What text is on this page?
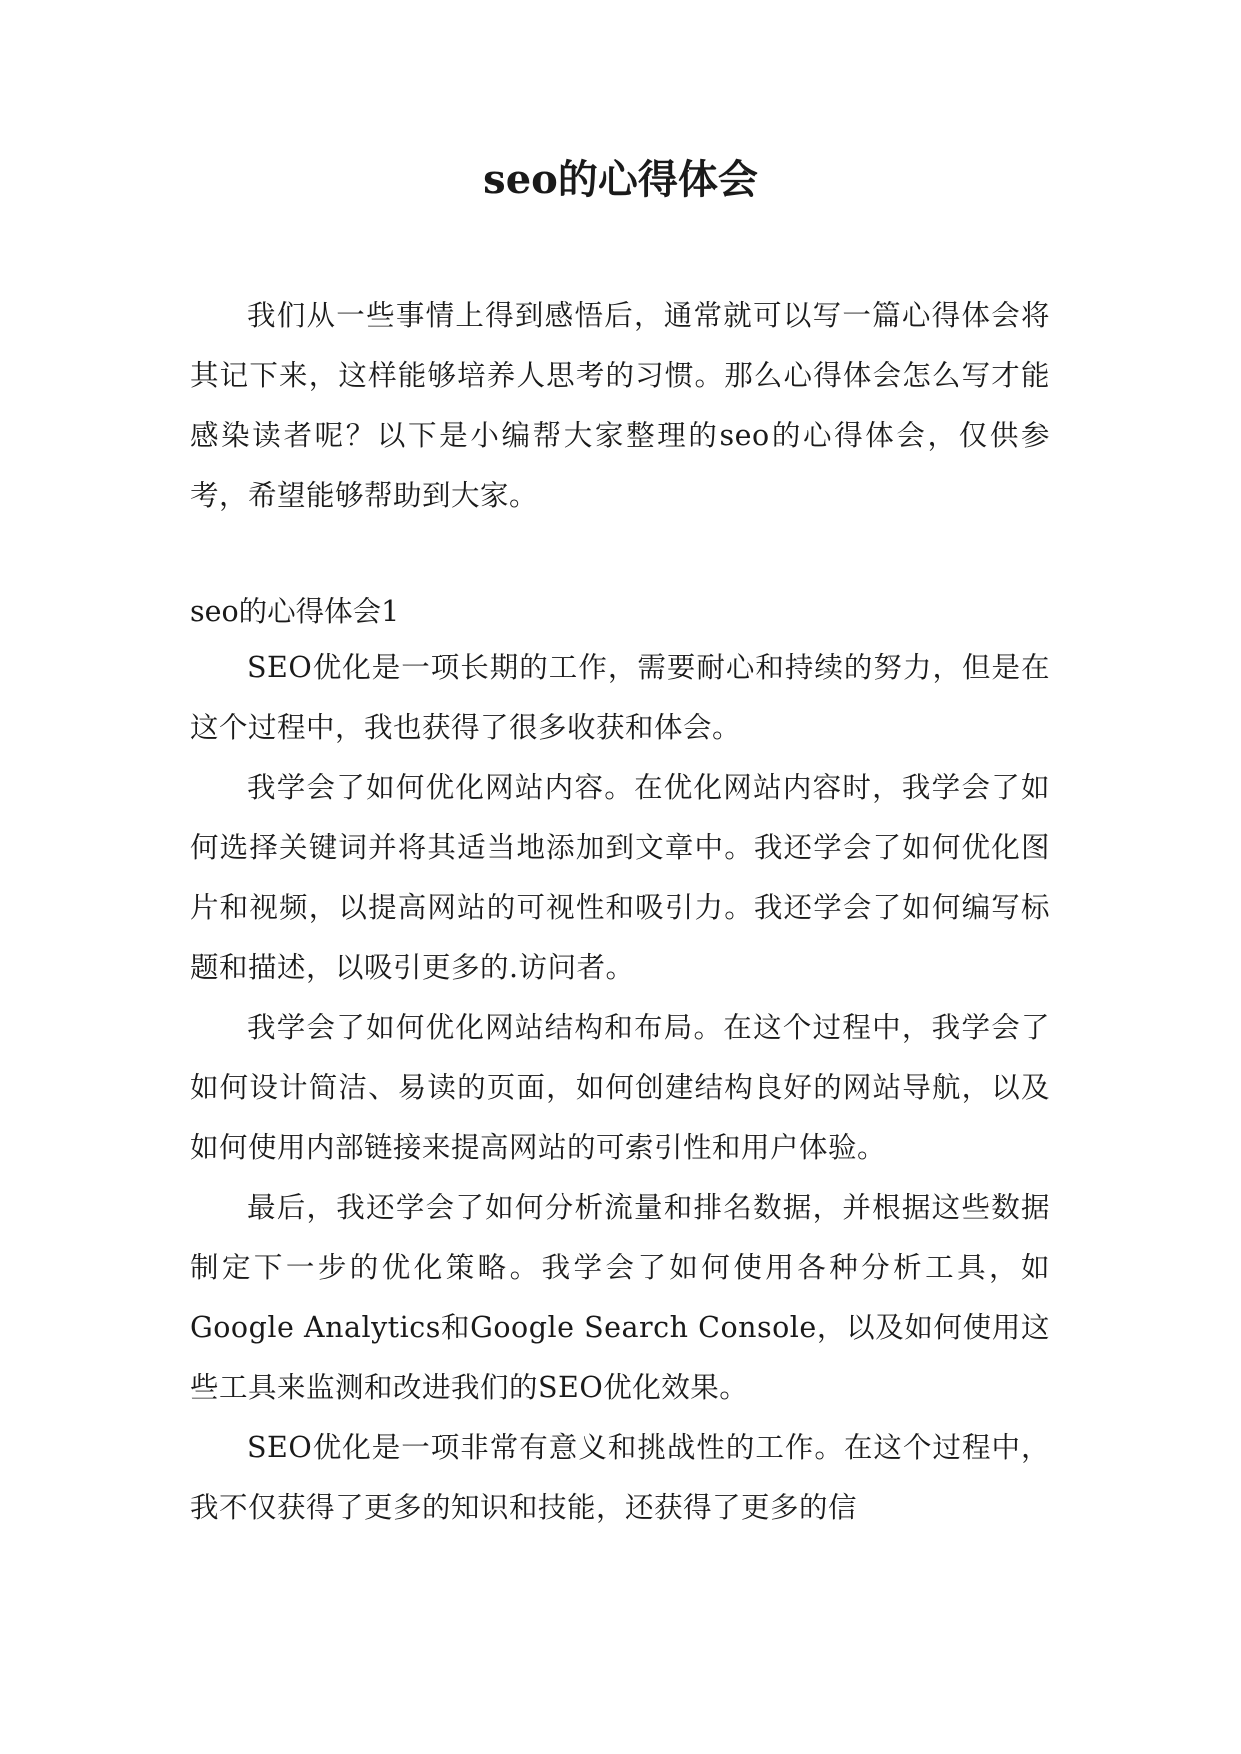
seo的心得体会

我们从一些事情上得到感悟后，通常就可以写一篇心得体会将其记下来，这样能够培养人思考的习惯。那么心得体会怎么写才能感染读者呢？以下是小编帮大家整理的seo的心得体会，仅供参考，希望能够帮助到大家。

seo的心得体会1

SEO优化是一项长期的工作，需要耐心和持续的努力，但是在这个过程中，我也获得了很多收获和体会。

我学会了如何优化网站内容。在优化网站内容时，我学会了如何选择关键词并将其适当地添加到文章中。我还学会了如何优化图片和视频，以提高网站的可视性和吸引力。我还学会了如何编写标题和描述，以吸引更多的.访问者。

我学会了如何优化网站结构和布局。在这个过程中，我学会了如何设计简洁、易读的页面，如何创建结构良好的网站导航，以及如何使用内部链接来提高网站的可索引性和用户体验。

最后，我还学会了如何分析流量和排名数据，并根据这些数据制定下一步的优化策略。我学会了如何使用各种分析工具，如Google Analytics和Google Search Console，以及如何使用这些工具来监测和改进我们的SEO优化效果。

SEO优化是一项非常有意义和挑战性的工作。在这个过程中，我不仅获得了更多的知识和技能，还获得了更多的信
